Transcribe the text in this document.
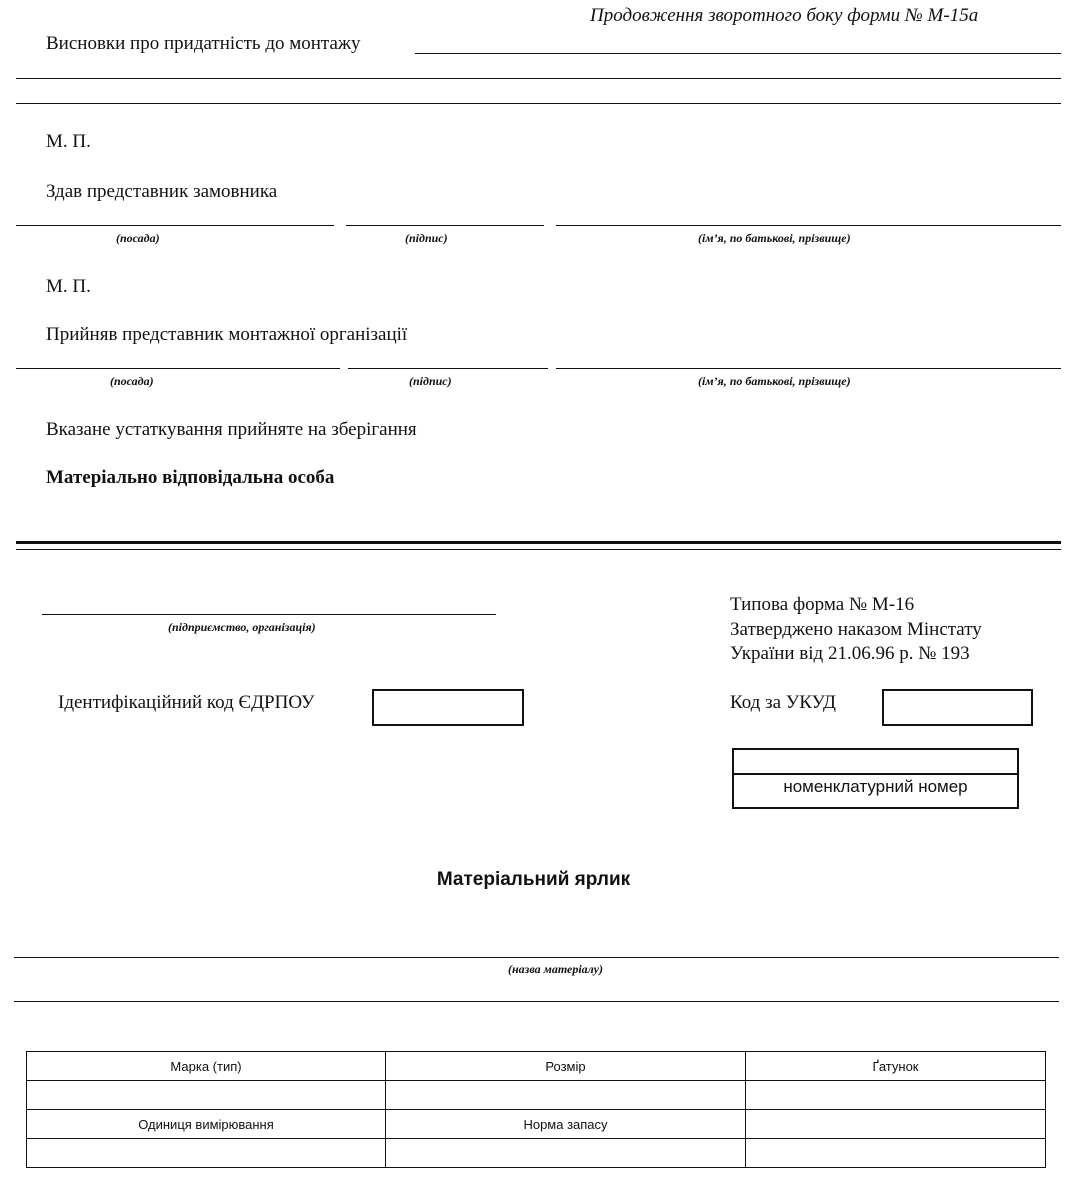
Продовження зворотного боку форми № М-15а
Висновки про придатність до монтажу
М. П.
Здав представник замовника
(посада)	(підпис)	(ім’я, по батькові, прізвище)
М. П.
Прийняв представник монтажної організації
(посада)	(підпис)	(ім’я, по батькові, прізвище)
Вказане устаткування прийняте на зберігання
Матеріально відповідальна особа
(підприємство, організація)
Типова форма № М-16
Затверджено наказом Мінстату
України від 21.06.96 р. № 193
Ідентифікаційний код ЄДРПОУ	Код за УКУД
номенклатурний номер
Матеріальний ярлик
(назва матеріалу)
Марка (тип)	Розмір	Ґатунок

Одиниця вимірювання	Норма запасу	
